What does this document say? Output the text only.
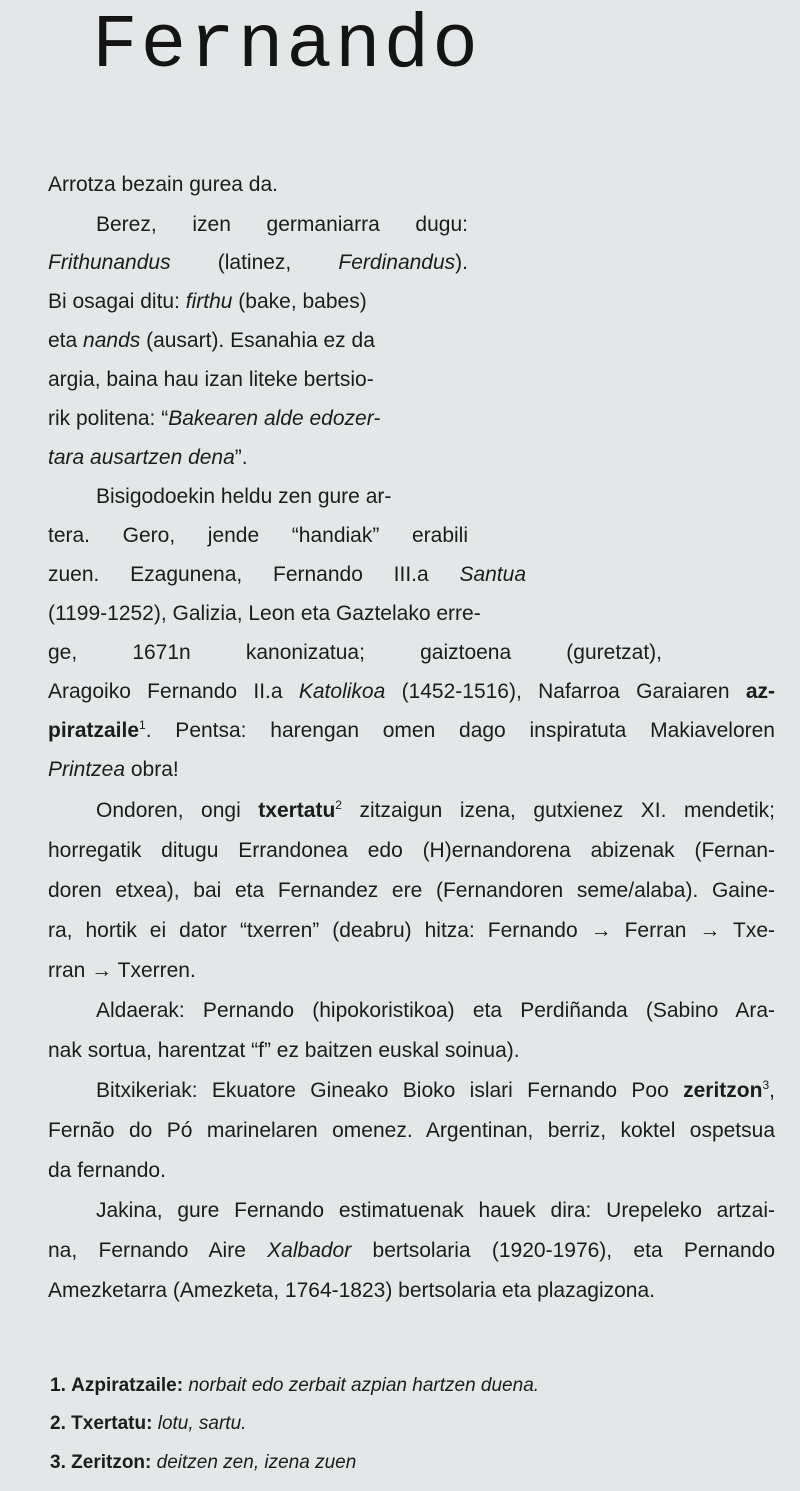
Fernando
Arrotza bezain gurea da.
Berez, izen germaniarra dugu:
Frithunandus (latinez, Ferdinandus).
Bi osagai ditu: firthu (bake, babes)
eta nands (ausart). Esanahia ez da
argia, baina hau izan liteke bertsio-
rik politena: “Bakearen alde edozer-
tara ausartzen dena”.
Bisigodoekin heldu zen gure ar-
tera. Gero, jende “handiak” erabili
zuen. Ezagunena, Fernando III.a Santua
(1199-1252), Galizia, Leon eta Gaztelako erre-
ge, 1671n kanonizatua; gaiztoena (guretzat),
Aragoiko Fernando II.a Katolikoa (1452-1516), Nafarroa Garaiaren az-
piratzaile$^1$. Pentsa: harengan omen dago inspiratuta Makiaveloren
Printzea obra!
Ondoren, ongi txertatu$^2$ zitzaigun izena, gutxienez XI. mendetik;
horregatik ditugu Errandonea edo (H)ernandorena abizenak (Fernan-
doren etxea), bai eta Fernandez ere (Fernandoren seme/alaba). Gaine-
ra, hortik ei dator “txerren” (deabru) hitza: Fernando → Ferran → Txe-
rran → Txerren.
Aldaerak: Pernando (hipokoristikoa) eta Perdiñanda (Sabino Ara-
nak sortua, harentzat “f” ez baitzen euskal soinua).
Bitxikeriak: Ekuatore Gineako Bioko islari Fernando Poo zeritzon$^3$,
Fernão do Pó marinelaren omenez. Argentinan, berriz, koktel ospetsua
da fernando.
Jakina, gure Fernando estimatuenak hauek dira: Urepeleko artzai-
na, Fernando Aire Xalbador bertsolaria (1920-1976), eta Pernando
Amezketarra (Amezketa, 1764-1823) bertsolaria eta plazagizona.
1. Azpiratzaile: norbait edo zerbait azpian hartzen duena.
2. Txertatu: lotu, sartu.
3. Zeritzon: deitzen zen, izena zuen
